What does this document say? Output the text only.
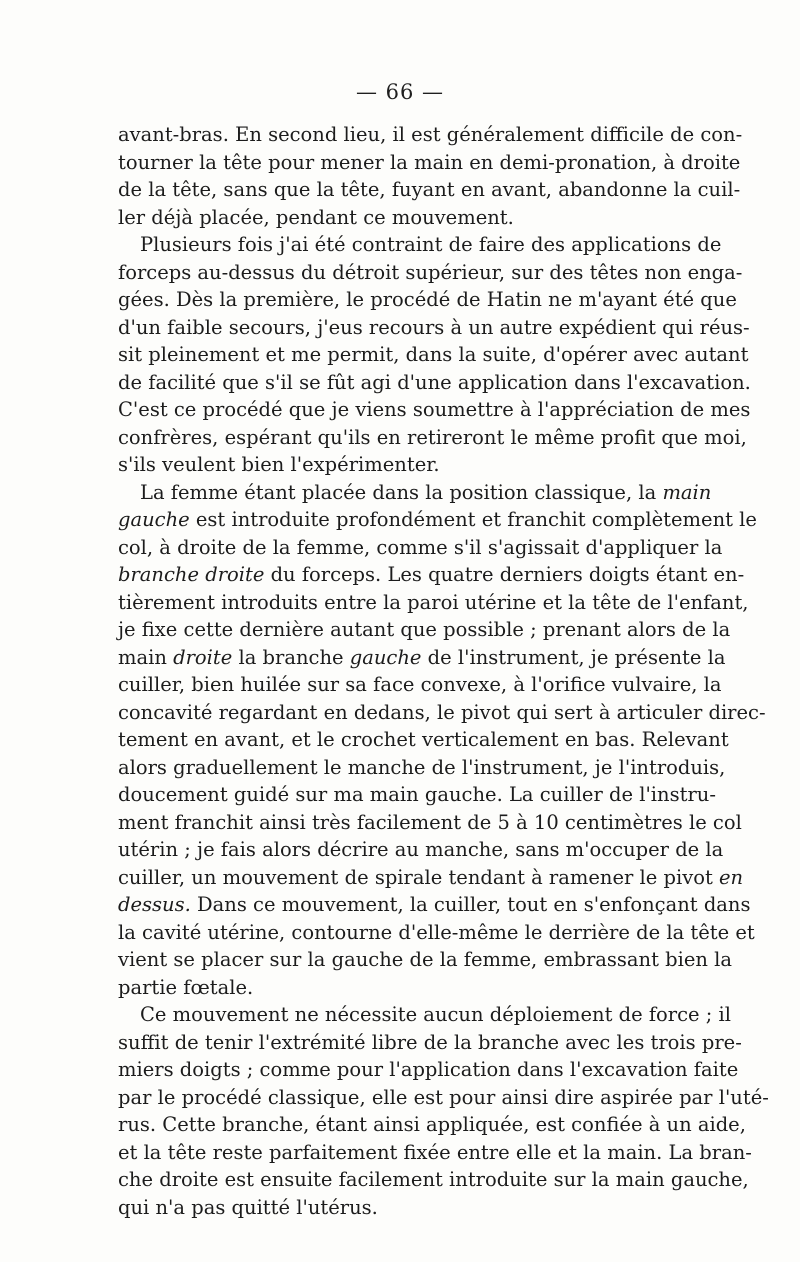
— 66 —
avant-bras. En second lieu, il est généralement difficile de con-
tourner la tête pour mener la main en demi-pronation, à droite
de la tête, sans que la tête, fuyant en avant, abandonne la cuil-
ler déjà placée, pendant ce mouvement.
Plusieurs fois j'ai été contraint de faire des applications de
forceps au-dessus du détroit supérieur, sur des têtes non enga-
gées. Dès la première, le procédé de Hatin ne m'ayant été que
d'un faible secours, j'eus recours à un autre expédient qui réus-
sit pleinement et me permit, dans la suite, d'opérer avec autant
de facilité que s'il se fût agi d'une application dans l'excavation.
C'est ce procédé que je viens soumettre à l'appréciation de mes
confrères, espérant qu'ils en retireront le même profit que moi,
s'ils veulent bien l'expérimenter.
La femme étant placée dans la position classique, la main
gauche est introduite profondément et franchit complètement le
col, à droite de la femme, comme s'il s'agissait d'appliquer la
branche droite du forceps. Les quatre derniers doigts étant en-
tièrement introduits entre la paroi utérine et la tête de l'enfant,
je fixe cette dernière autant que possible ; prenant alors de la
main droite la branche gauche de l'instrument, je présente la
cuiller, bien huilée sur sa face convexe, à l'orifice vulvaire, la
concavité regardant en dedans, le pivot qui sert à articuler direc-
tement en avant, et le crochet verticalement en bas. Relevant
alors graduellement le manche de l'instrument, je l'introduis,
doucement guidé sur ma main gauche. La cuiller de l'instru-
ment franchit ainsi très facilement de 5 à 10 centimètres le col
utérin ; je fais alors décrire au manche, sans m'occuper de la
cuiller, un mouvement de spirale tendant à ramener le pivot en
dessus. Dans ce mouvement, la cuiller, tout en s'enfonçant dans
la cavité utérine, contourne d'elle-même le derrière de la tête et
vient se placer sur la gauche de la femme, embrassant bien la
partie fœtale.
Ce mouvement ne nécessite aucun déploiement de force ; il
suffit de tenir l'extrémité libre de la branche avec les trois pre-
miers doigts ; comme pour l'application dans l'excavation faite
par le procédé classique, elle est pour ainsi dire aspirée par l'uté-
rus. Cette branche, étant ainsi appliquée, est confiée à un aide,
et la tête reste parfaitement fixée entre elle et la main. La bran-
che droite est ensuite facilement introduite sur la main gauche,
qui n'a pas quitté l'utérus.
